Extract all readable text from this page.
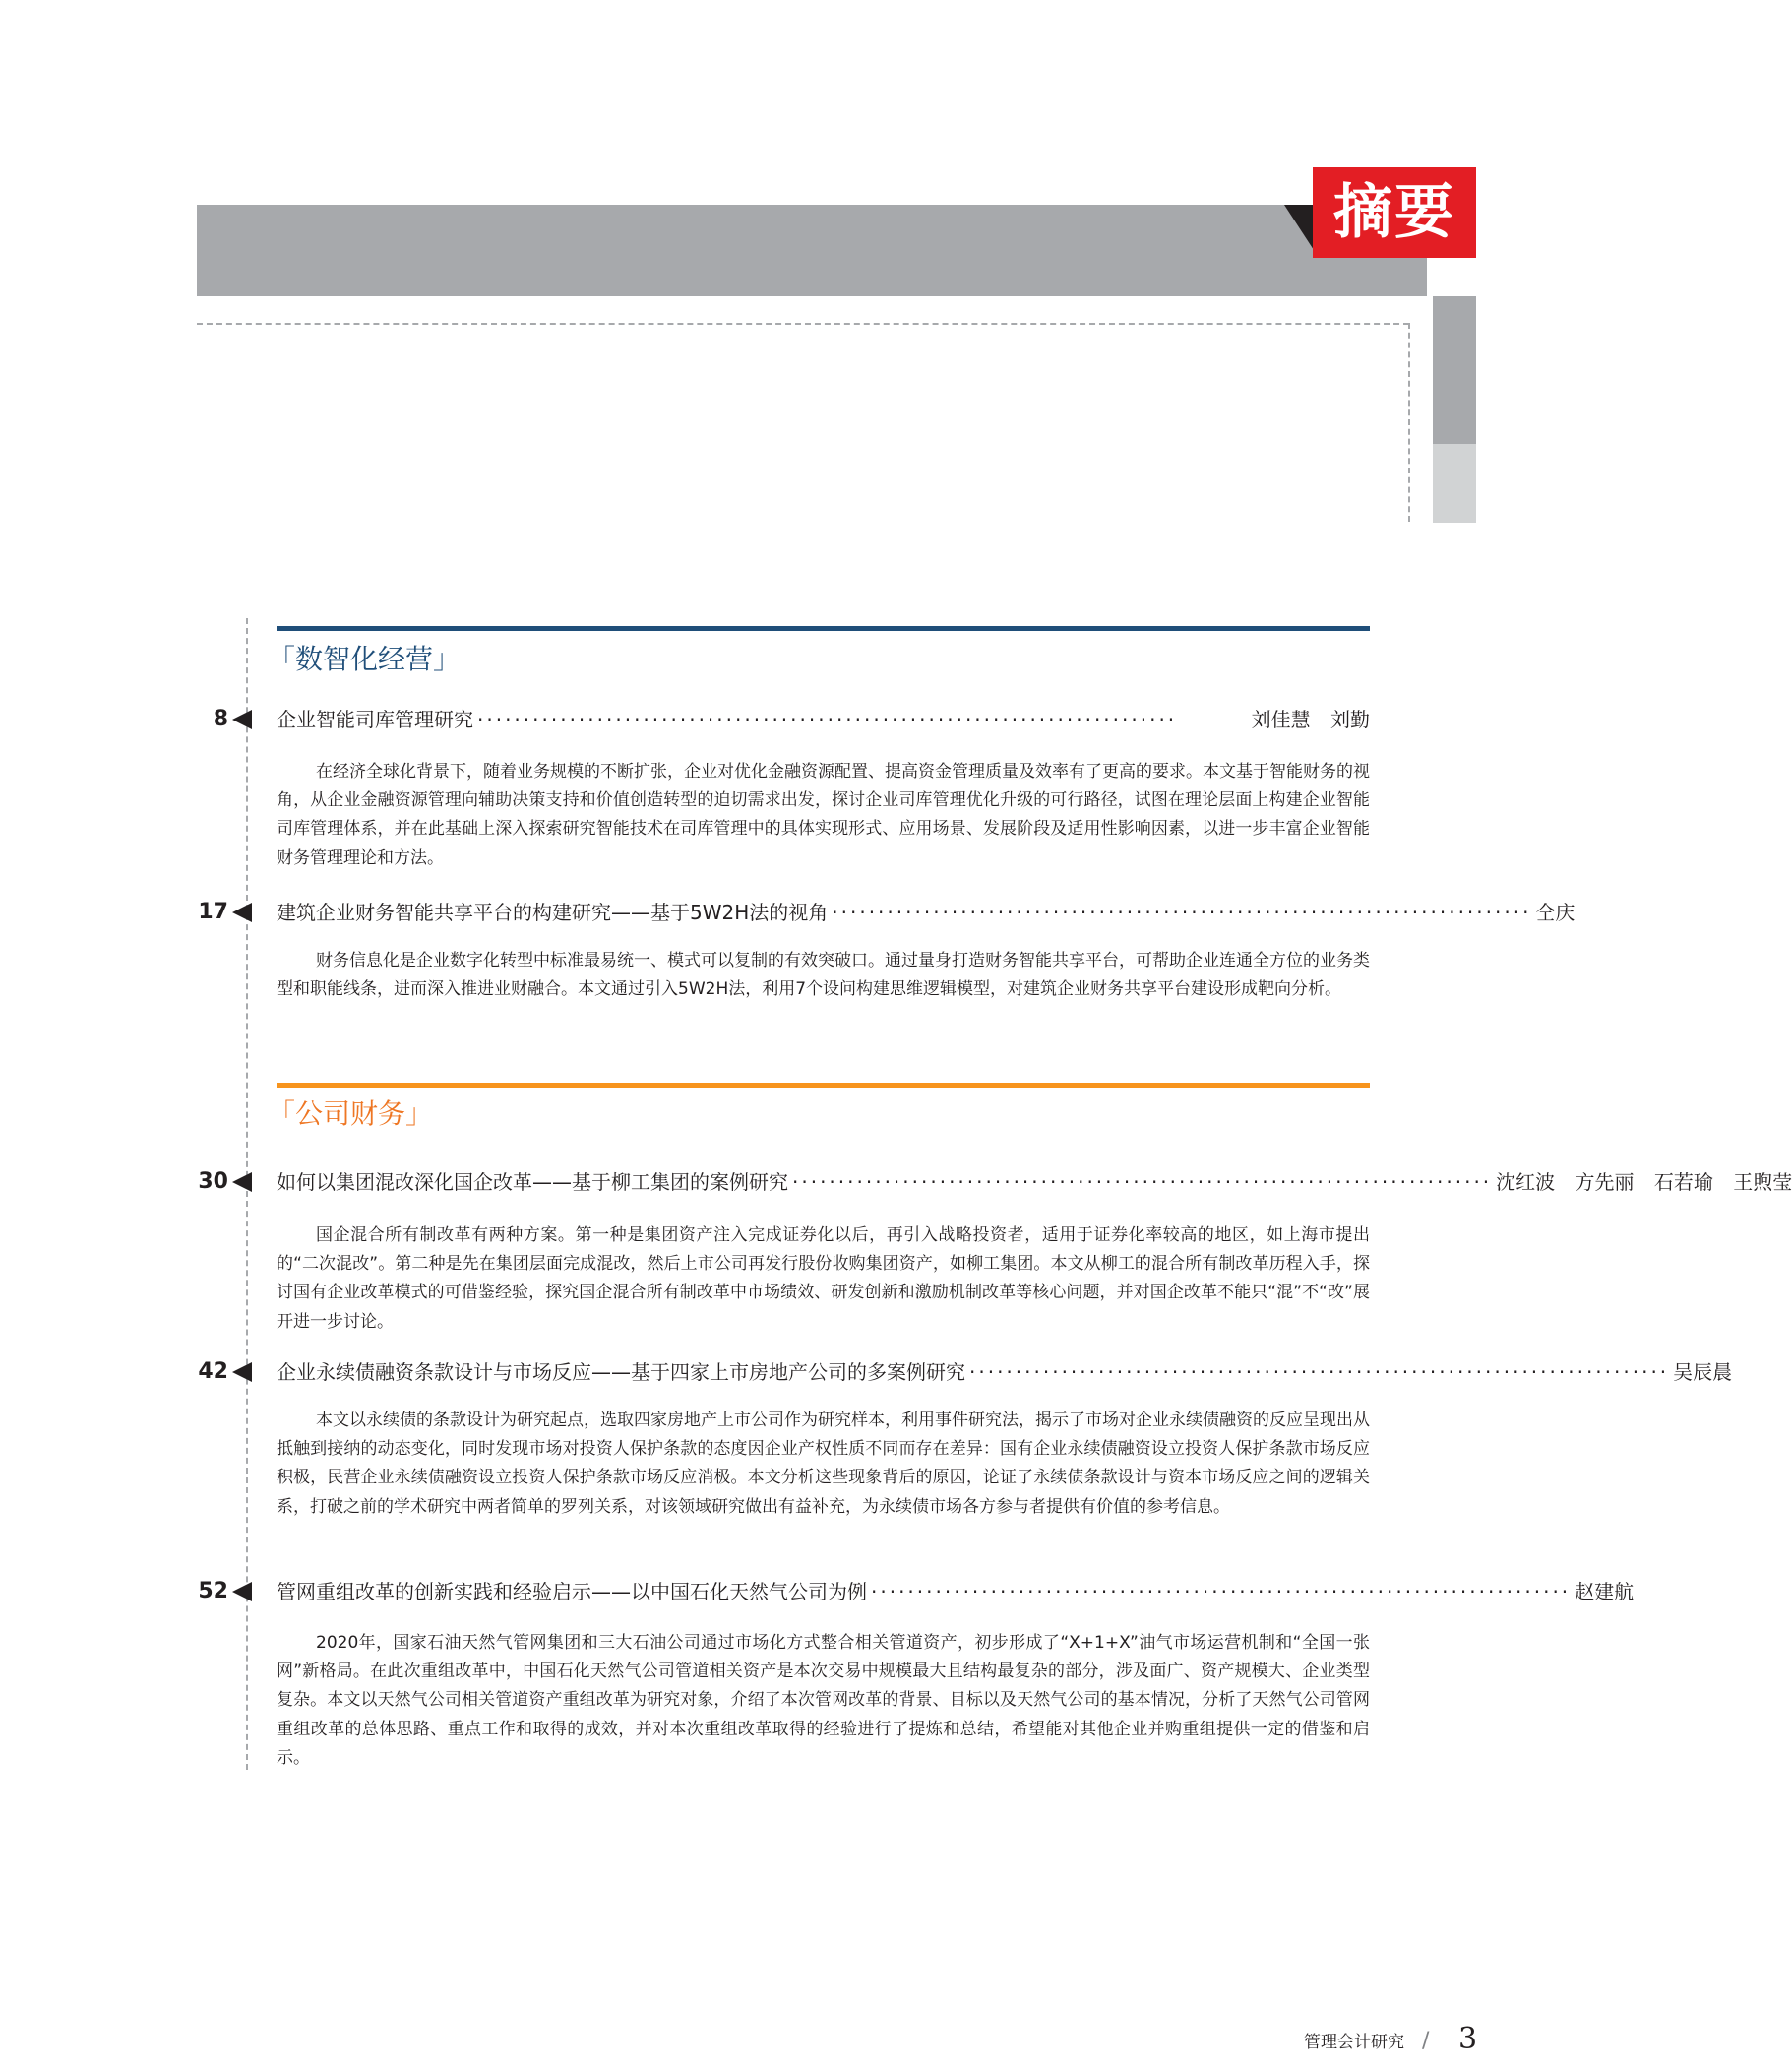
摘要
「数智化经营」
8 企业智能司库管理研究 ············································································	刘佳慧 刘勤
在经济全球化背景下，随着业务规模的不断扩张，企业对优化金融资源配置、提高资金管理质量及效率有了更高的要求。本文基于智能财务的视角，从企业金融资源管理向辅助决策支持和价值创造转型的迫切需求出发，探讨企业司库管理优化升级的可行路径，试图在理论层面上构建企业智能司库管理体系，并在此基础上深入探索研究智能技术在司库管理中的具体实现形式、应用场景、发展阶段及适用性影响因素，以进一步丰富企业智能财务管理理论和方法。
17 建筑企业财务智能共享平台的构建研究——基于5W2H法的视角 ············································································ 仝庆
财务信息化是企业数字化转型中标准最易统一、模式可以复制的有效突破口。通过量身打造财务智能共享平台，可帮助企业连通全方位的业务类型和职能线条，进而深入推进业财融合。本文通过引入5W2H法，利用7个设问构建思维逻辑模型，对建筑企业财务共享平台建设形成靶向分析。
「公司财务」
30 如何以集团混改深化国企改革——基于柳工集团的案例研究 ············································································ 沈红波 方先丽 石若瑜 王煦莹
国企混合所有制改革有两种方案。第一种是集团资产注入完成证券化以后，再引入战略投资者，适用于证券化率较高的地区，如上海市提出的“二次混改”。第二种是先在集团层面完成混改，然后上市公司再发行股份收购集团资产，如柳工集团。本文从柳工的混合所有制改革历程入手，探讨国有企业改革模式的可借鉴经验，探究国企混合所有制改革中市场绩效、研发创新和激励机制改革等核心问题，并对国企改革不能只“混”不“改”展开进一步讨论。
42 企业永续债融资条款设计与市场反应——基于四家上市房地产公司的多案例研究 ············································································ 吴辰晨
本文以永续债的条款设计为研究起点，选取四家房地产上市公司作为研究样本，利用事件研究法，揭示了市场对企业永续债融资的反应呈现出从抵触到接纳的动态变化，同时发现市场对投资人保护条款的态度因企业产权性质不同而存在差异：国有企业永续债融资设立投资人保护条款市场反应积极，民营企业永续债融资设立投资人保护条款市场反应消极。本文分析这些现象背后的原因，论证了永续债条款设计与资本市场反应之间的逻辑关系，打破之前的学术研究中两者简单的罗列关系，对该领域研究做出有益补充，为永续债市场各方参与者提供有价值的参考信息。
52 管网重组改革的创新实践和经验启示——以中国石化天然气公司为例 ············································································ 赵建航
2020年，国家石油天然气管网集团和三大石油公司通过市场化方式整合相关管道资产，初步形成了“X+1+X”油气市场运营机制和“全国一张网”新格局。在此次重组改革中，中国石化天然气公司管道相关资产是本次交易中规模最大且结构最复杂的部分，涉及面广、资产规模大、企业类型复杂。本文以天然气公司相关管道资产重组改革为研究对象，介绍了本次管网改革的背景、目标以及天然气公司的基本情况，分析了天然气公司管网重组改革的总体思路、重点工作和取得的成效，并对本次重组改革取得的经验进行了提炼和总结，希望能对其他企业并购重组提供一定的借鉴和启示。
管理会计研究 / 3
